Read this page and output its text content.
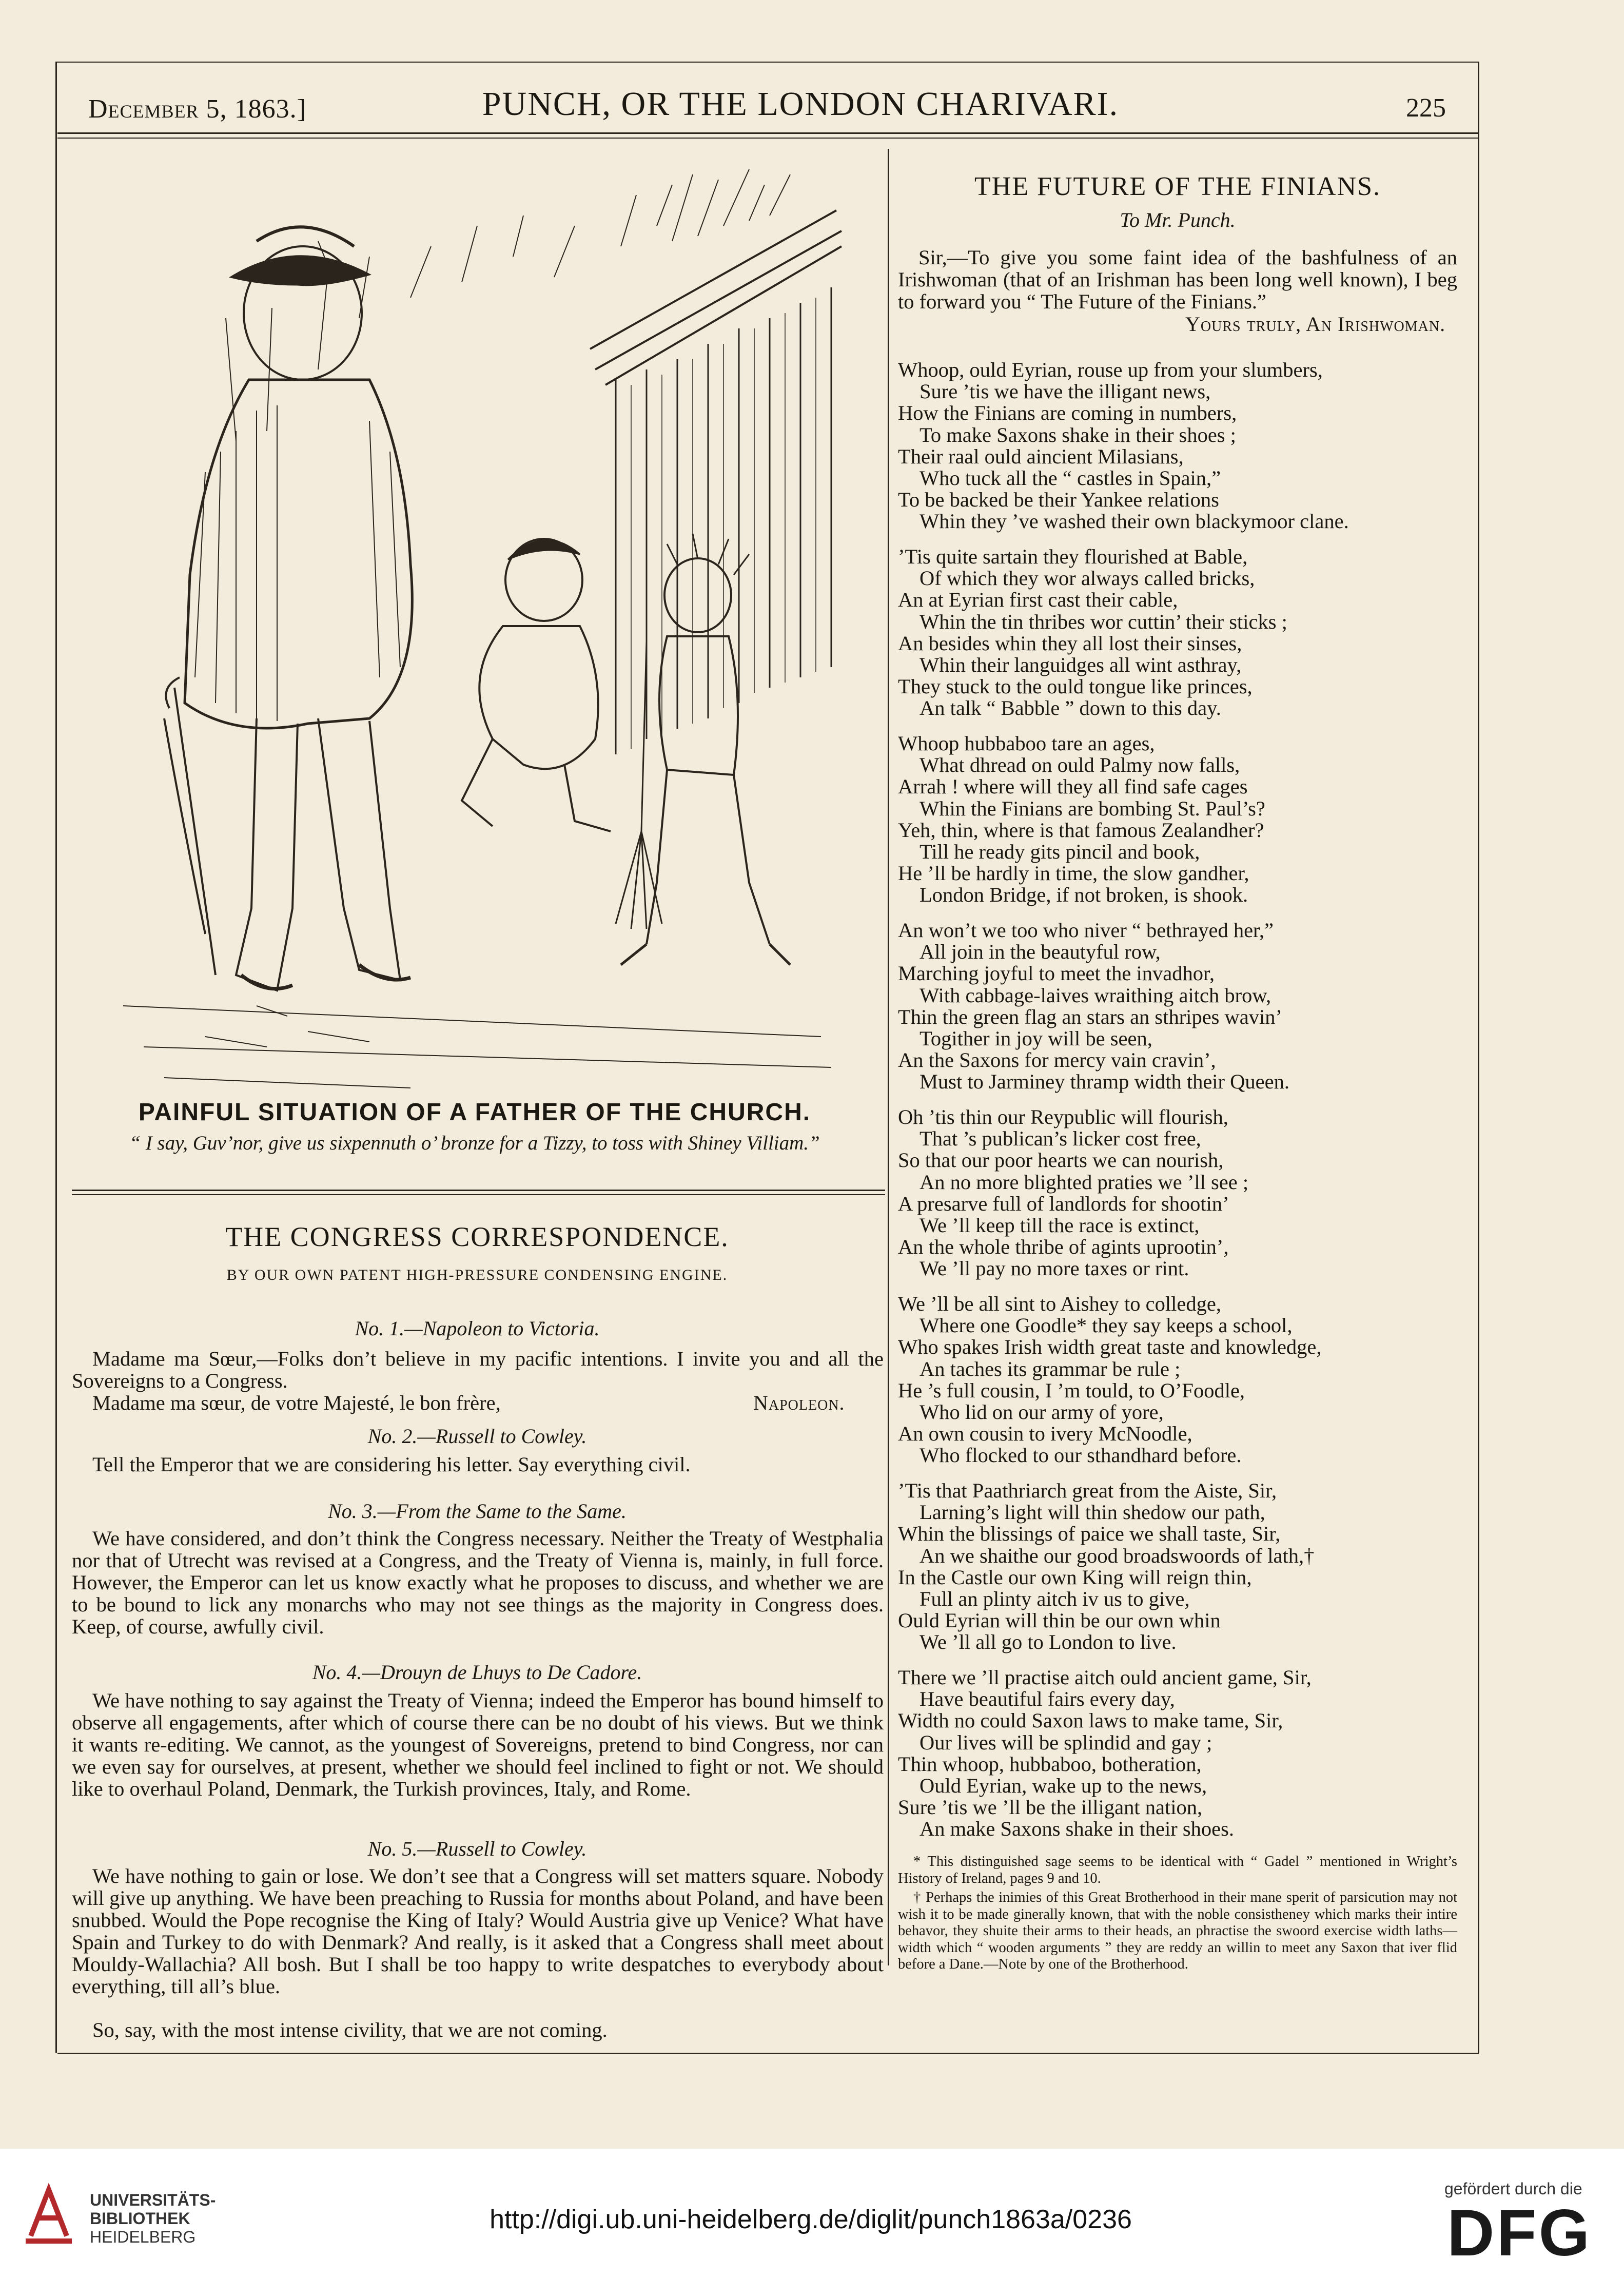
December 5, 1863.]	PUNCH, OR THE LONDON CHARIVARI.	225
PAINFUL SITUATION OF A FATHER OF THE CHURCH.
“ I say, Guv’nor, give us sixpennuth o’ bronze for a Tizzy, to toss with Shiney Villiam.”
THE CONGRESS CORRESPONDENCE.
BY OUR OWN PATENT HIGH-PRESSURE CONDENSING ENGINE.
No. 1.—Napoleon to Victoria.
Madame ma Sœur,—Folks don’t believe in my pacific intentions. I invite you and all the Sovereigns to a Congress.
Madame ma sœur, de votre Majesté, le bon frère,	Napoleon.
No. 2.—Russell to Cowley.
Tell the Emperor that we are considering his letter. Say everything civil.
No. 3.—From the Same to the Same.
We have considered, and don’t think the Congress necessary. Neither the Treaty of Westphalia nor that of Utrecht was revised at a Congress, and the Treaty of Vienna is, mainly, in full force. However, the Emperor can let us know exactly what he proposes to discuss, and whether we are to be bound to lick any monarchs who may not see things as the majority in Congress does. Keep, of course, awfully civil.
No. 4.—Drouyn de Lhuys to De Cadore.
We have nothing to say against the Treaty of Vienna; indeed the Emperor has bound himself to observe all engagements, after which of course there can be no doubt of his views. But we think it wants re-editing. We cannot, as the youngest of Sovereigns, pretend to bind Congress, nor can we even say for ourselves, at present, whether we should feel inclined to fight or not. We should like to overhaul Poland, Denmark, the Turkish provinces, Italy, and Rome.
No. 5.—Russell to Cowley.
We have nothing to gain or lose. We don’t see that a Congress will set matters square. Nobody will give up anything. We have been preaching to Russia for months about Poland, and have been snubbed. Would the Pope recognise the King of Italy? Would Austria give up Venice? What have Spain and Turkey to do with Denmark? And really, is it asked that a Congress shall meet about Mouldy-Wallachia? All bosh. But I shall be too happy to write despatches to everybody about everything, till all’s blue.
So, say, with the most intense civility, that we are not coming.
THE FUTURE OF THE FINIANS.
To Mr. Punch.
Sir,—To give you some faint idea of the bashfulness of an Irishwoman (that of an Irishman has been long well known), I beg to forward you “ The Future of the Finians.”
Yours truly, An Irishwoman.
Whoop, ould Eyrian, rouse up from your slumbers,
Sure ’tis we have the illigant news,
How the Finians are coming in numbers,
To make Saxons shake in their shoes ;
Their raal ould aincient Milasians,
Who tuck all the “ castles in Spain,”
To be backed be their Yankee relations
Whin they ’ve washed their own blackymoor clane.
’Tis quite sartain they flourished at Bable,
Of which they wor always called bricks,
An at Eyrian first cast their cable,
Whin the tin thribes wor cuttin’ their sticks ;
An besides whin they all lost their sinses,
Whin their languidges all wint asthray,
They stuck to the ould tongue like princes,
An talk “ Babble ” down to this day.
Whoop hubbaboo tare an ages,
What dhread on ould Palmy now falls,
Arrah ! where will they all find safe cages
Whin the Finians are bombing St. Paul’s?
Yeh, thin, where is that famous Zealandher?
Till he ready gits pincil and book,
He ’ll be hardly in time, the slow gandher,
London Bridge, if not broken, is shook.
An won’t we too who niver “ bethrayed her,”
All join in the beautyful row,
Marching joyful to meet the invadhor,
With cabbage-laives wraithing aitch brow,
Thin the green flag an stars an sthripes wavin’
Togither in joy will be seen,
An the Saxons for mercy vain cravin’,
Must to Jarminey thramp width their Queen.
Oh ’tis thin our Reypublic will flourish,
That ’s publican’s licker cost free,
So that our poor hearts we can nourish,
An no more blighted praties we ’ll see ;
A presarve full of landlords for shootin’
We ’ll keep till the race is extinct,
An the whole thribe of agints uprootin’,
We ’ll pay no more taxes or rint.
We ’ll be all sint to Aishey to colledge,
Where one Goodle* they say keeps a school,
Who spakes Irish width great taste and knowledge,
An taches its grammar be rule ;
He ’s full cousin, I ’m tould, to O’Foodle,
Who lid on our army of yore,
An own cousin to ivery McNoodle,
Who flocked to our sthandhard before.
’Tis that Paathriarch great from the Aiste, Sir,
Larning’s light will thin shedow our path,
Whin the blissings of paice we shall taste, Sir,
An we shaithe our good broadswoords of lath,†
In the Castle our own King will reign thin,
Full an plinty aitch iv us to give,
Ould Eyrian will thin be our own whin
We ’ll all go to London to live.
There we ’ll practise aitch ould ancient game, Sir,
Have beautiful fairs every day,
Width no could Saxon laws to make tame, Sir,
Our lives will be splindid and gay ;
Thin whoop, hubbaboo, botheration,
Ould Eyrian, wake up to the news,
Sure ’tis we ’ll be the illigant nation,
An make Saxons shake in their shoes.
* This distinguished sage seems to be identical with “ Gadel ” mentioned in Wright’s History of Ireland, pages 9 and 10.
† Perhaps the inimies of this Great Brotherhood in their mane sperit of parsicution may not wish it to be made ginerally known, that with the noble consistheney which marks their intire behavor, they shuite their arms to their heads, an phractise the swoord exercise width laths—width which “ wooden arguments ” they are reddy an willin to meet any Saxon that iver flid before a Dane.—Note by one of the Brotherhood.
UNIVERSITÄTS-
BIBLIOTHEK
HEIDELBERG
http://digi.ub.uni-heidelberg.de/diglit/punch1863a/0236
gefördert durch die
DFG
